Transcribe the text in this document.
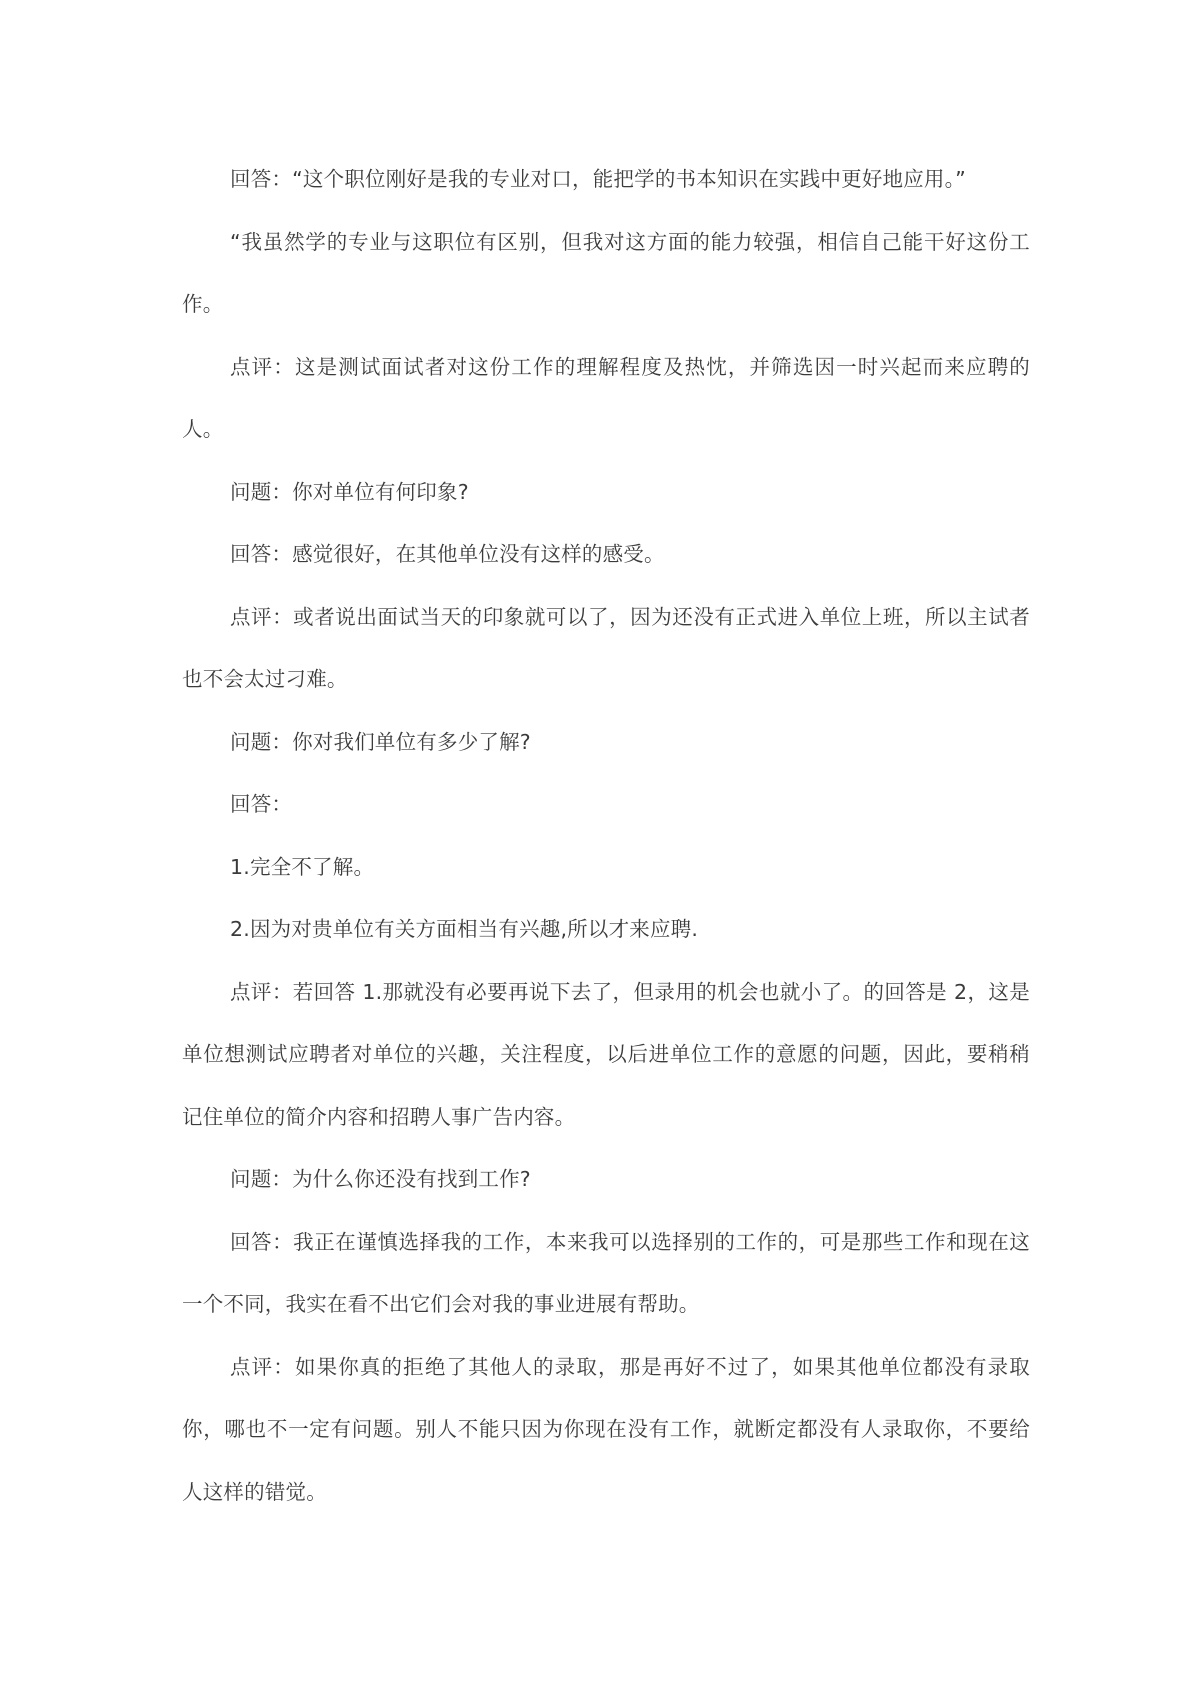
回答：“这个职位刚好是我的专业对口，能把学的书本知识在实践中更好地应用。”

“我虽然学的专业与这职位有区别，但我对这方面的能力较强，相信自己能干好这份工作。

点评：这是测试面试者对这份工作的理解程度及热忱，并筛选因一时兴起而来应聘的人。

问题：你对单位有何印象?

回答：感觉很好，在其他单位没有这样的感受。

点评：或者说出面试当天的印象就可以了，因为还没有正式进入单位上班，所以主试者也不会太过刁难。

问题：你对我们单位有多少了解?

回答：

1.完全不了解。

2.因为对贵单位有关方面相当有兴趣,所以才来应聘.

点评：若回答 1.那就没有必要再说下去了，但录用的机会也就小了。的回答是 2，这是单位想测试应聘者对单位的兴趣，关注程度，以后进单位工作的意愿的问题，因此，要稍稍记住单位的简介内容和招聘人事广告内容。

问题：为什么你还没有找到工作?

回答：我正在谨慎选择我的工作，本来我可以选择别的工作的，可是那些工作和现在这一个不同，我实在看不出它们会对我的事业进展有帮助。

点评：如果你真的拒绝了其他人的录取，那是再好不过了，如果其他单位都没有录取你，哪也不一定有问题。别人不能只因为你现在没有工作，就断定都没有人录取你，不要给人这样的错觉。
